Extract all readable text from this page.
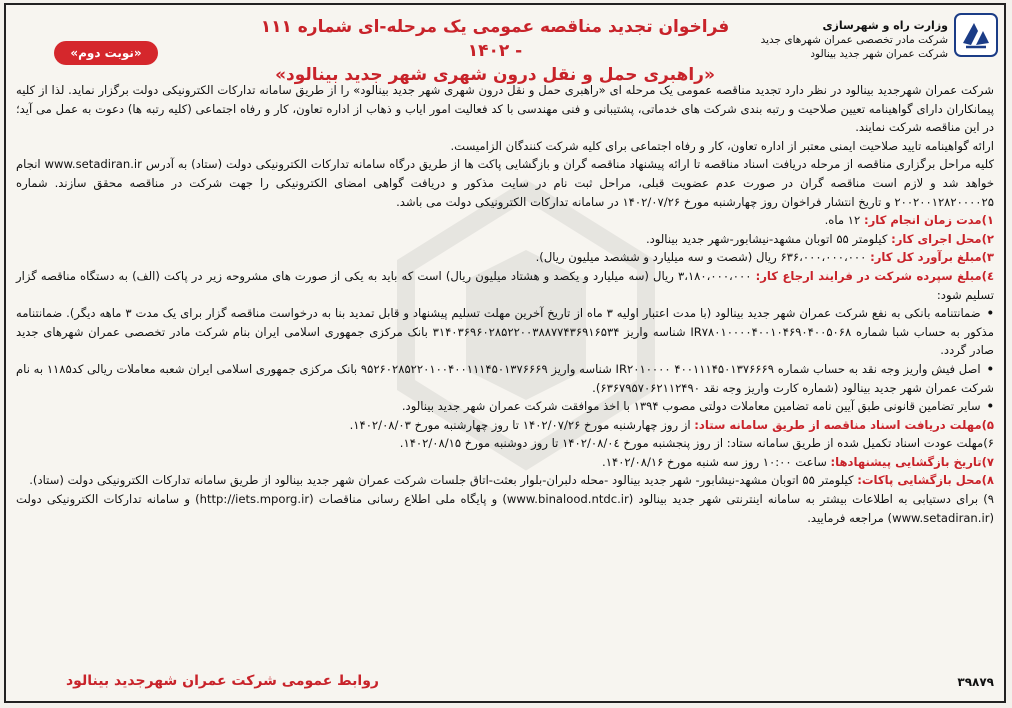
وزارت راه و شهرسازی
شرکت مادر تخصصی عمران شهرهای جدید
شرکت عمران شهر جدید بینالود
فراخوان تجدید مناقصه عمومی یک مرحله-ای شماره ۱۱۱ - ۱۴۰۲
«راهبری حمل و نقل درون شهری شهر جدید بینالود»
«نوبت دوم»

شرکت عمران شهرجدید بینالود در نظر دارد تجدید مناقصه عمومی یک مرحله ای «راهبری حمل و نقل درون شهری شهر جدید بینالود» را از طریق سامانه تدارکات الکترونیکی دولت برگزار نماید. لذا از کلیه پیمانکاران دارای گواهینامه تعیین صلاحیت و رتبه بندی شرکت های خدماتی، پشتیبانی و فنی مهندسی با کد فعالیت امور ایاب و ذهاب از اداره تعاون، کار و رفاه اجتماعی (کلیه رتبه ها) دعوت به عمل می آید؛ در این مناقصه شرکت نمایند.

ارائه گواهینامه تایید صلاحیت ایمنی معتبر از اداره تعاون، کار و رفاه اجتماعی برای کلیه شرکت کنندگان الزامیست.

کلیه مراحل برگزاری مناقصه از مرحله دریافت اسناد مناقصه تا ارائه پیشنهاد مناقصه گران و بازگشایی پاکت ها از طریق درگاه سامانه تدارکات الکترونیکی دولت (ستاد) به آدرس www.setadiran.ir انجام خواهد شد و لازم است مناقصه گران در صورت عدم عضویت قبلی، مراحل ثبت نام در سایت مذکور و دریافت گواهی امضای الکترونیکی را جهت شرکت در مناقصه محقق سازند. شماره ۲۰۰۲۰۰۱۲۸۲۰۰۰۰۲۵ و تاریخ انتشار فراخوان روز چهارشنبه مورخ ۱۴۰۲/۰۷/۲۶ در سامانه تدارکات الکترونیکی دولت می باشد.

۱)مدت زمان انجام کار: ۱۲ ماه.

۲)محل اجرای کار: کیلومتر ۵۵ اتوبان مشهد-نیشابور-شهر جدید بینالود.

۳)مبلغ برآورد کل کار: ۶۳۶،۰۰۰،۰۰۰،۰۰۰ ریال (شصت و سه میلیارد و ششصد میلیون ریال).

٤)مبلغ سپرده شرکت در فرایند ارجاع کار: ۳،۱۸۰،۰۰۰،۰۰۰ ریال (سه میلیارد و یکصد و هشتاد میلیون ریال) است که باید به یکی از صورت های مشروحه زیر در پاکت (الف) به دستگاه مناقصه گزار تسلیم شود:

• ضمانتنامه بانکی به نفع شرکت عمران شهر جدید بینالود (با مدت اعتبار اولیه ۳ ماه از تاریخ آخرین مهلت تسلیم پیشنهاد و قابل تمدید بنا به درخواست مناقصه گزار برای یک مدت ۳ ماهه دیگر). ضمانتنامه مذکور به حساب شبا شماره IR۷۸۰۱۰۰۰۰۴۰۰۱۰۴۶۹۰۴۰۰۵۰۶۸ شناسه واریز ۳۱۴۰۳۶۹۶۰۲۸۵۲۲۰۰۳۸۸۷۷۴۳۶۹۱۶۵۳۴ بانک مرکزی جمهوری اسلامی ایران بنام شرکت مادر تخصصی عمران شهرهای جدید صادر گردد.

• اصل فیش واریز وجه نقد به حساب شماره ۴۰۰۱۱۱۴۵۰۱۳۷۶۶۶۹ IR۲۰۱۰۰۰۰ شناسه واریز ۹۵۲۶۰۲۸۵۲۲۰۱۰۰۴۰۰۱۱۱۴۵۰۱۳۷۶۶۶۹ بانک مرکزی جمهوری اسلامی ایران شعبه معاملات ریالی کد۱۱۸۵ به نام شرکت عمران شهر جدید بینالود (شماره کارت واریز وجه نقد ۶۳۶۷۹۵۷۰۶۲۱۱۲۴۹۰).

• سایر تضامین قانونی طبق آیین نامه تضامین معاملات دولتی مصوب ۱۳۹۴ با اخذ موافقت شرکت عمران شهر جدید بینالود.

۵)مهلت دریافت اسناد مناقصه از طریق سامانه ستاد: از روز چهارشنبه مورخ ۱۴۰۲/۰۷/۲۶ تا روز چهارشنبه مورخ ۱۴۰۲/۰۸/۰۳.

۶)مهلت عودت اسناد تکمیل شده از طریق سامانه ستاد: از روز پنجشنبه مورخ ۱۴۰۲/۰۸/۰٤ تا روز دوشنبه مورخ ۱۴۰۲/۰۸/۱۵.

۷)تاریخ بازگشایی پیشنهادها: ساعت ۱۰:۰۰ روز سه شنبه مورخ ۱۴۰۲/۰۸/۱۶.

۸)محل بازگشایی پاکات: کیلومتر ۵۵ اتوبان مشهد-نیشابور- شهر جدید بینالود -محله دلبران-بلوار بعثت-اتاق جلسات شرکت عمران شهر جدید بینالود از طریق سامانه تدارکات الکترونیکی دولت (ستاد).

۹) برای دستیابی به اطلاعات بیشتر به سامانه اینترنتی شهر جدید بینالود (www.binalood.ntdc.ir) و پایگاه ملی اطلاع رسانی مناقصات (http://iets.mporg.ir) و سامانه تدارکات الکترونیکی دولت (www.setadiran.ir) مراجعه فرمایید.

روابط عمومی شرکت عمران شهرجدید بینالود	۳۹۸۷۹
